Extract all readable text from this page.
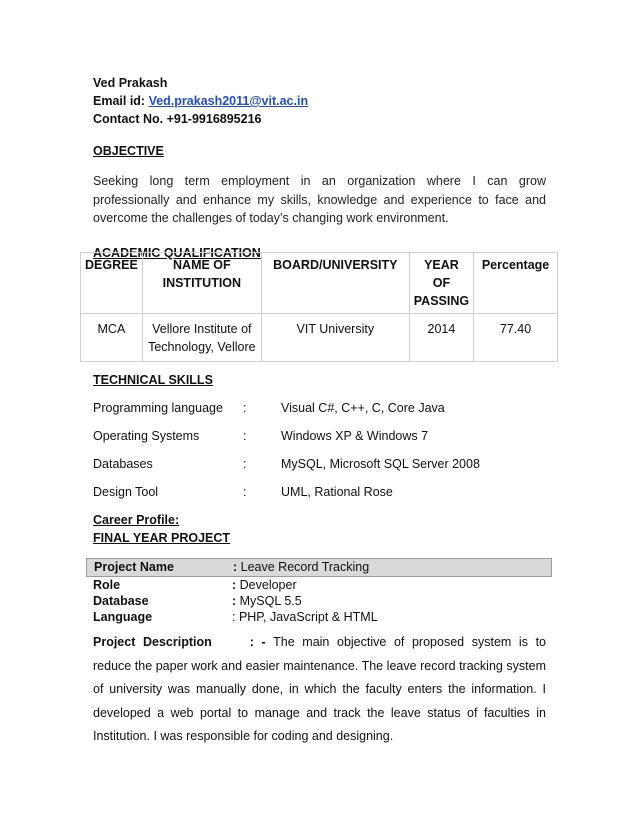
Ved Prakash
Email id: Ved.prakash2011@vit.ac.in
Contact No. +91-9916895216
OBJECTIVE
Seeking long term employment in an organization where I can grow professionally and enhance my skills, knowledge and experience to face and overcome the challenges of today’s changing work environment.
ACADEMIC QUALIFICATION
DEGREE	NAME OF INSTITUTION	BOARD/UNIVERSITY	YEAR OF PASSING	Percentage
MCA	Vellore Institute of Technology, Vellore	VIT University	2014	77.40
TECHNICAL SKILLS
Programming language :	Visual C#, C++, C, Core Java
Operating Systems	:	Windows XP & Windows 7
Databases	:	MySQL, Microsoft SQL Server 2008
Design Tool	:	UML, Rational Rose
Career Profile:
FINAL YEAR PROJECT
Project Name	: Leave Record Tracking
Role	: Developer
Database	: MySQL 5.5
Language	: PHP, JavaScript & HTML
Project Description	: - The main objective of proposed system is to reduce the paper work and easier maintenance. The leave record tracking system of university was manually done, in which the faculty enters the information. I developed a web portal to manage and track the leave status of faculties in Institution. I was responsible for coding and designing.
